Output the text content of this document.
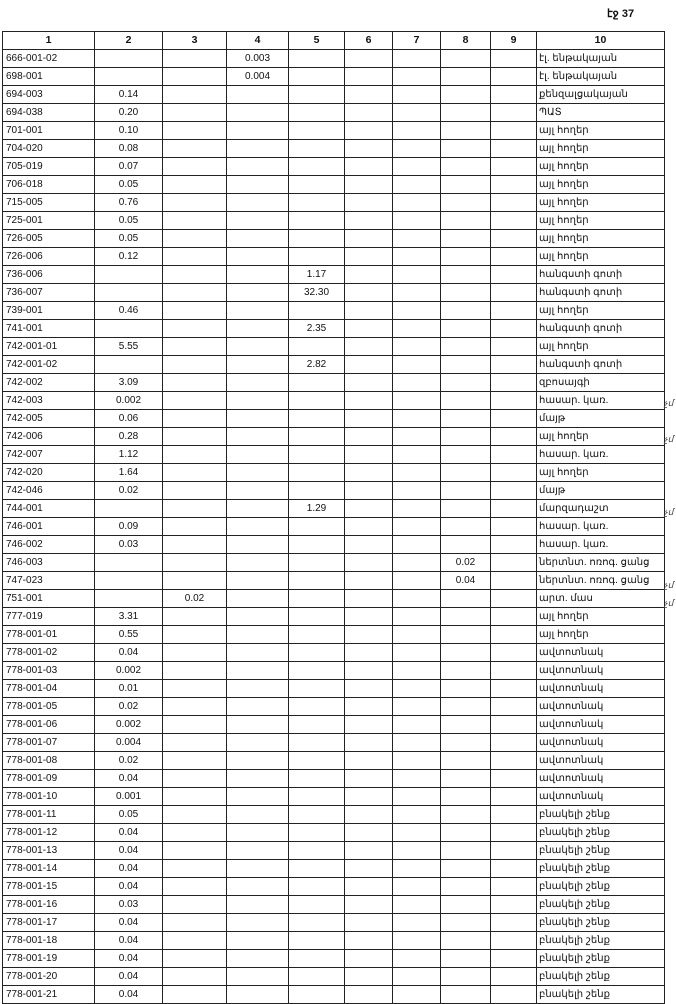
էջ 37
1	2	3	4	5	6	7	8	9	10
666-001-02			0.003						էլ. ենթակայան
698-001			0.004						էլ. ենթակայան
694-003	0.14								քենզալցակայան
694-038	0.20								ՊԱՏ
701-001	0.10								այլ հողեր
704-020	0.08								այլ հողեր
705-019	0.07								այլ հողեր
706-018	0.05								այլ հողեր
715-005	0.76								այլ հողեր
725-001	0.05								այլ հողեր
726-005	0.05								այլ հողեր
726-006	0.12								այլ հողեր
736-006				1.17					հանգստի գոտի
736-007				32.30					հանգստի գոտի
739-001	0.46								այլ հողեր
741-001				2.35					հանգստի գոտի
742-001-01	5.55								այլ հողեր
742-001-02				2.82					հանգստի գոտի
742-002	3.09								զբոսայգի
742-003	0.002								հասար. կառ.
742-005	0.06								մայթ
742-006	0.28								այլ հողեր
742-007	1.12								հասար. կառ.
742-020	1.64								այլ հողեր
742-046	0.02								մայթ
744-001				1.29					մարզադաշտ
746-001	0.09								հասար. կառ.
746-002	0.03								հասար. կառ.
746-003							0.02		ներտնտ. ոռոգ. ցանց
747-023							0.04		ներտնտ. ոռոգ. ցանց
751-001		0.02							արտ. մաս
777-019	3.31								այլ հողեր
778-001-01	0.55								այլ հողեր
778-001-02	0.04								ավտոտնակ
778-001-03	0.002								ավտոտնակ
778-001-04	0.01								ավտոտնակ
778-001-05	0.02								ավտոտնակ
778-001-06	0.002								ավտոտնակ
778-001-07	0.004								ավտոտնակ
778-001-08	0.02								ավտոտնակ
778-001-09	0.04								ավտոտնակ
778-001-10	0.001								ավտոտնակ
778-001-11	0.05								բնակելի շենք
778-001-12	0.04								բնակելի շենք
778-001-13	0.04								բնակելի շենք
778-001-14	0.04								բնակելի շենք
778-001-15	0.04								բնակելի շենք
778-001-16	0.03								բնակելի շենք
778-001-17	0.04								բնակելի շենք
778-001-18	0.04								բնակելի շենք
778-001-19	0.04								բնակելի շենք
778-001-20	0.04								բնակելի շենք
778-001-21	0.04								բնակելի շենք
չմ
չմ
չմ
չմ
չմ
